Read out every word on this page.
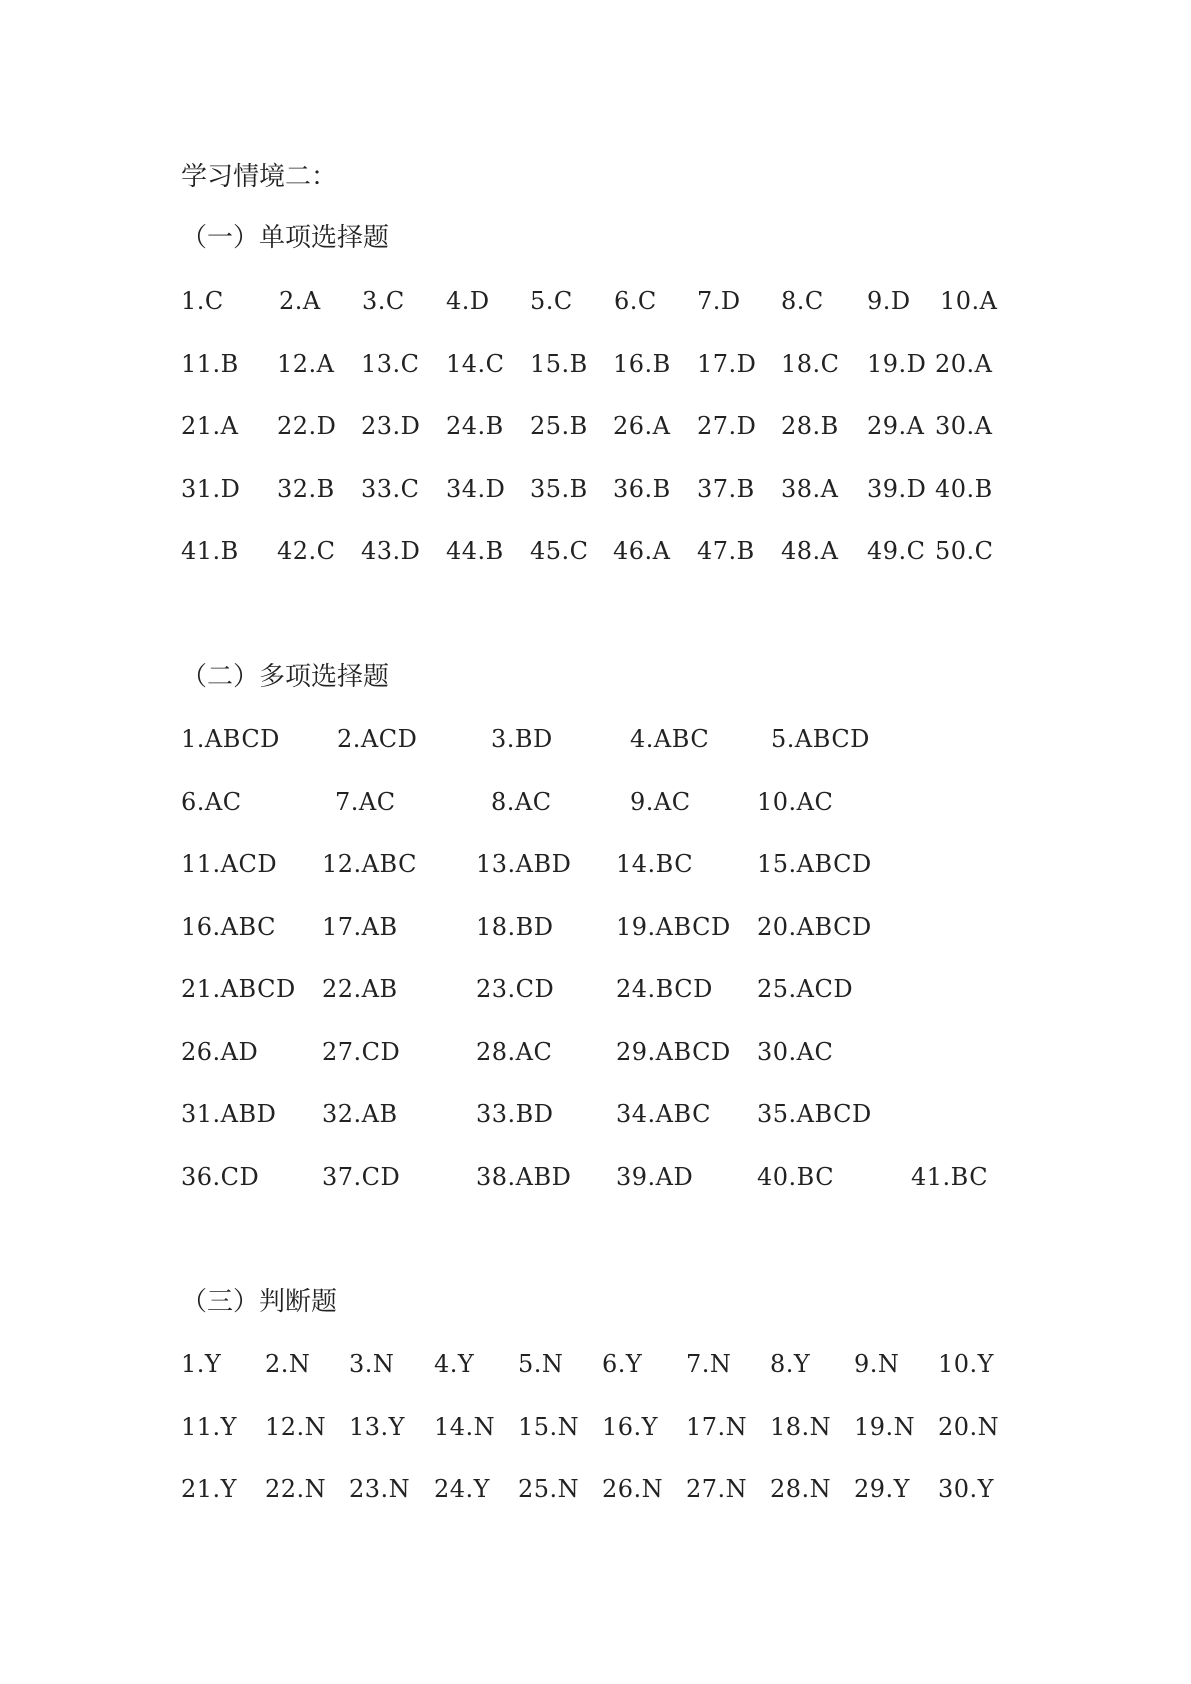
学习情境二：
（一）单项选择题
1.C 2.A 3.C 4.D 5.C 6.C 7.D 8.C 9.D 10.A
11.B 12.A 13.C 14.C 15.B 16.B 17.D 18.C 19.D 20.A
21.A 22.D 23.D 24.B 25.B 26.A 27.D 28.B 29.A 30.A
31.D 32.B 33.C 34.D 35.B 36.B 37.B 38.A 39.D 40.B
41.B 42.C 43.D 44.B 45.C 46.A 47.B 48.A 49.C 50.C
（二）多项选择题
1.ABCD 2.ACD	3.BD	4.ABC	5.ABCD
6.AC	7.AC	8.AC	9.AC	10.AC
11.ACD 12.ABC 13.ABD 14.BC	15.ABCD
16.ABC 17.AB	18.BD	19.ABCD 20.ABCD
21.ABCD 22.AB	23.CD	24.BCD 25.ACD
26.AD	27.CD	28.AC	29.ABCD 30.AC
31.ABD 32.AB	33.BD	34.ABC 35.ABCD
36.CD	37.CD	38.ABD 39.AD	40.BC	41.BC
（三）判断题
1.Y 2.N 3.N 4.Y 5.N 6.Y 7.N 8.Y 9.N 10.Y
11.Y 12.N 13.Y 14.N 15.N 16.Y 17.N 18.N 19.N 20.N
21.Y 22.N 23.N 24.Y 25.N 26.N 27.N 28.N 29.Y 30.Y
